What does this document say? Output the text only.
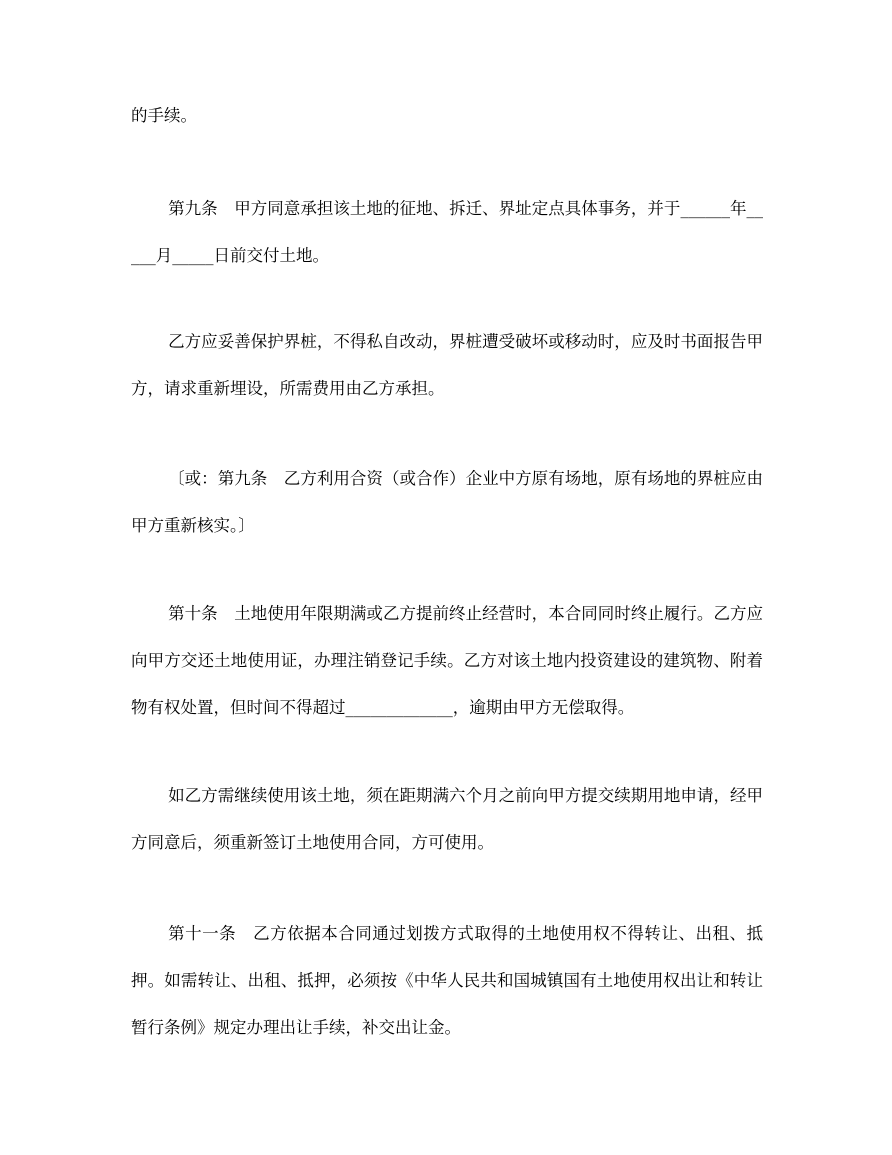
的手续。

第九条　甲方同意承担该土地的征地、拆迁、界址定点具体事务，并于______年_____月_____日前交付土地。

乙方应妥善保护界桩，不得私自改动，界桩遭受破坏或移动时，应及时书面报告甲方，请求重新埋设，所需费用由乙方承担。

〔或：第九条　乙方利用合资（或合作）企业中方原有场地，原有场地的界桩应由甲方重新核实。〕

第十条　土地使用年限期满或乙方提前终止经营时，本合同同时终止履行。乙方应向甲方交还土地使用证，办理注销登记手续。乙方对该土地内投资建设的建筑物、附着物有权处置，但时间不得超过_____________，逾期由甲方无偿取得。

如乙方需继续使用该土地，须在距期满六个月之前向甲方提交续期用地申请，经甲方同意后，须重新签订土地使用合同，方可使用。

第十一条　乙方依据本合同通过划拨方式取得的土地使用权不得转让、出租、抵押。如需转让、出租、抵押，必须按《中华人民共和国城镇国有土地使用权出让和转让暂行条例》规定办理出让手续，补交出让金。
